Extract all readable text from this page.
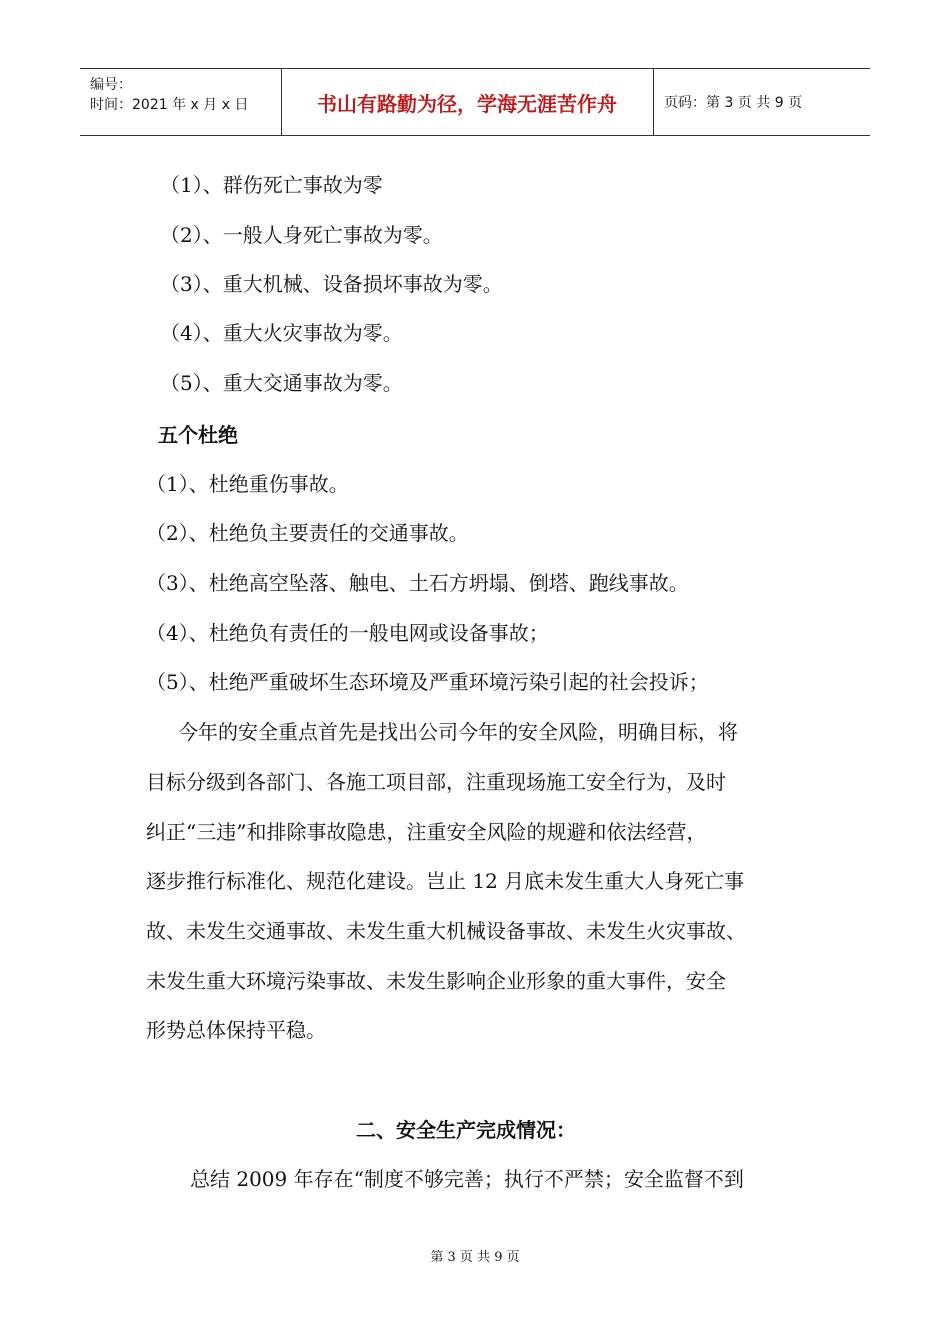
编号：
时间：2021 年 x 月 x 日	书山有路勤为径，学海无涯苦作舟	页码：第 3 页 共 9 页
（1）、群伤死亡事故为零
（2）、一般人身死亡事故为零。
（3）、重大机械、设备损坏事故为零。
（4）、重大火灾事故为零。
（5）、重大交通事故为零。
五个杜绝
（1）、杜绝重伤事故。
（2）、杜绝负主要责任的交通事故。
（3）、杜绝高空坠落、触电、土石方坍塌、倒塔、跑线事故。
（4）、杜绝负有责任的一般电网或设备事故；
（5）、杜绝严重破坏生态环境及严重环境污染引起的社会投诉；
今年的安全重点首先是找出公司今年的安全风险，明确目标，将
目标分级到各部门、各施工项目部，注重现场施工安全行为，及时
纠正“三违”和排除事故隐患，注重安全风险的规避和依法经营，
逐步推行标准化、规范化建设。岂止 12 月底未发生重大人身死亡事
故、未发生交通事故、未发生重大机械设备事故、未发生火灾事故、
未发生重大环境污染事故、未发生影响企业形象的重大事件，安全
形势总体保持平稳。
二、安全生产完成情况：
总结 2009 年存在“制度不够完善；执行不严禁；安全监督不到
第 3 页 共 9 页
